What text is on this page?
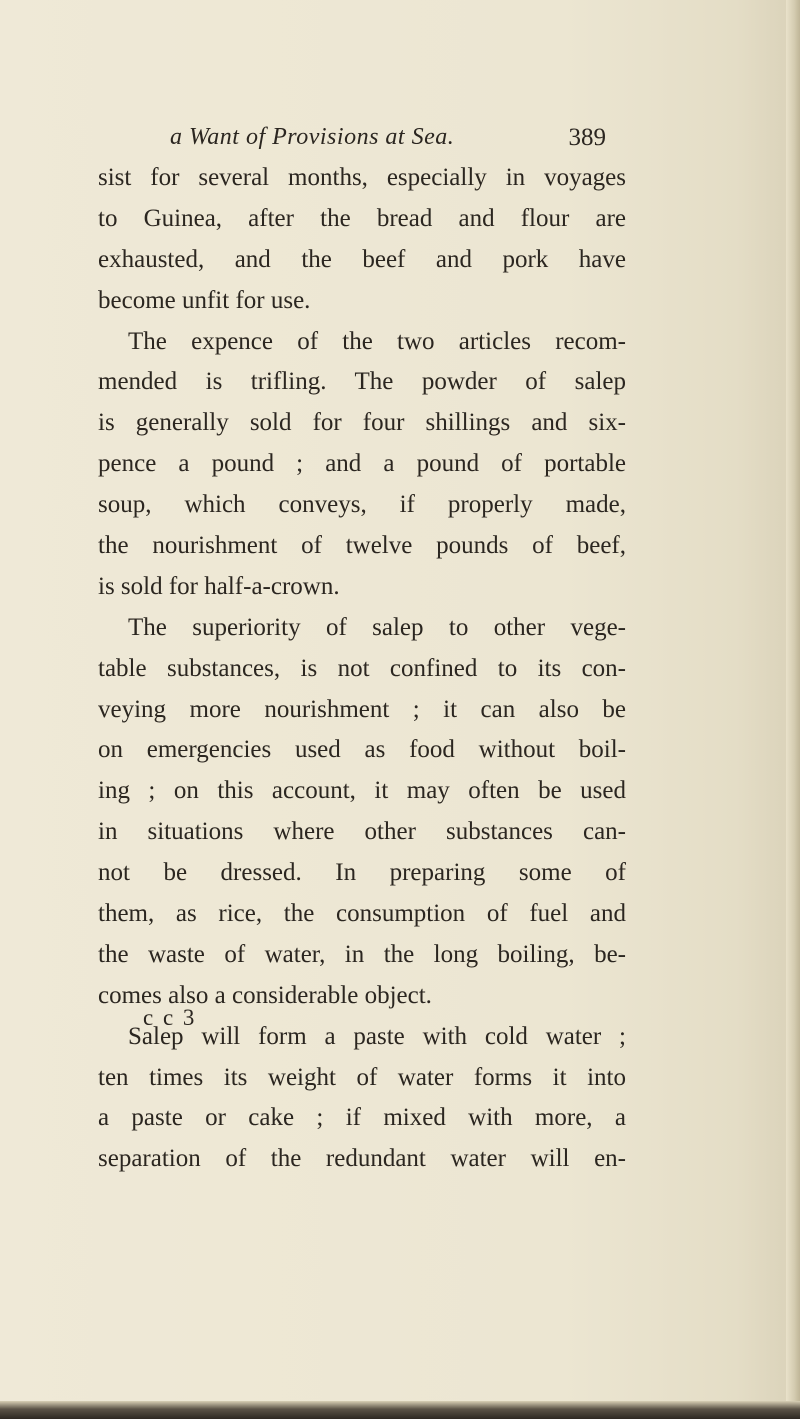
a Want of Provisions at Sea.	389
sist for several months, especially in voyages
to Guinea, after the bread and flour are
exhausted, and the beef and pork have
become unfit for use.
The expence of the two articles recom-
mended is trifling. The powder of salep
is generally sold for four shillings and six-
pence a pound ; and a pound of portable
soup, which conveys, if properly made,
the nourishment of twelve pounds of beef,
is sold for half-a-crown.
The superiority of salep to other vege-
table substances, is not confined to its con-
veying more nourishment ; it can also be
on emergencies used as food without boil-
ing ; on this account, it may often be used
in situations where other substances can-
not be dressed. In preparing some of
them, as rice, the consumption of fuel and
the waste of water, in the long boiling, be-
comes also a considerable object.
Salep will form a paste with cold water ;
ten times its weight of water forms it into
a paste or cake ; if mixed with more, a
separation of the redundant water will en-
c c 3
